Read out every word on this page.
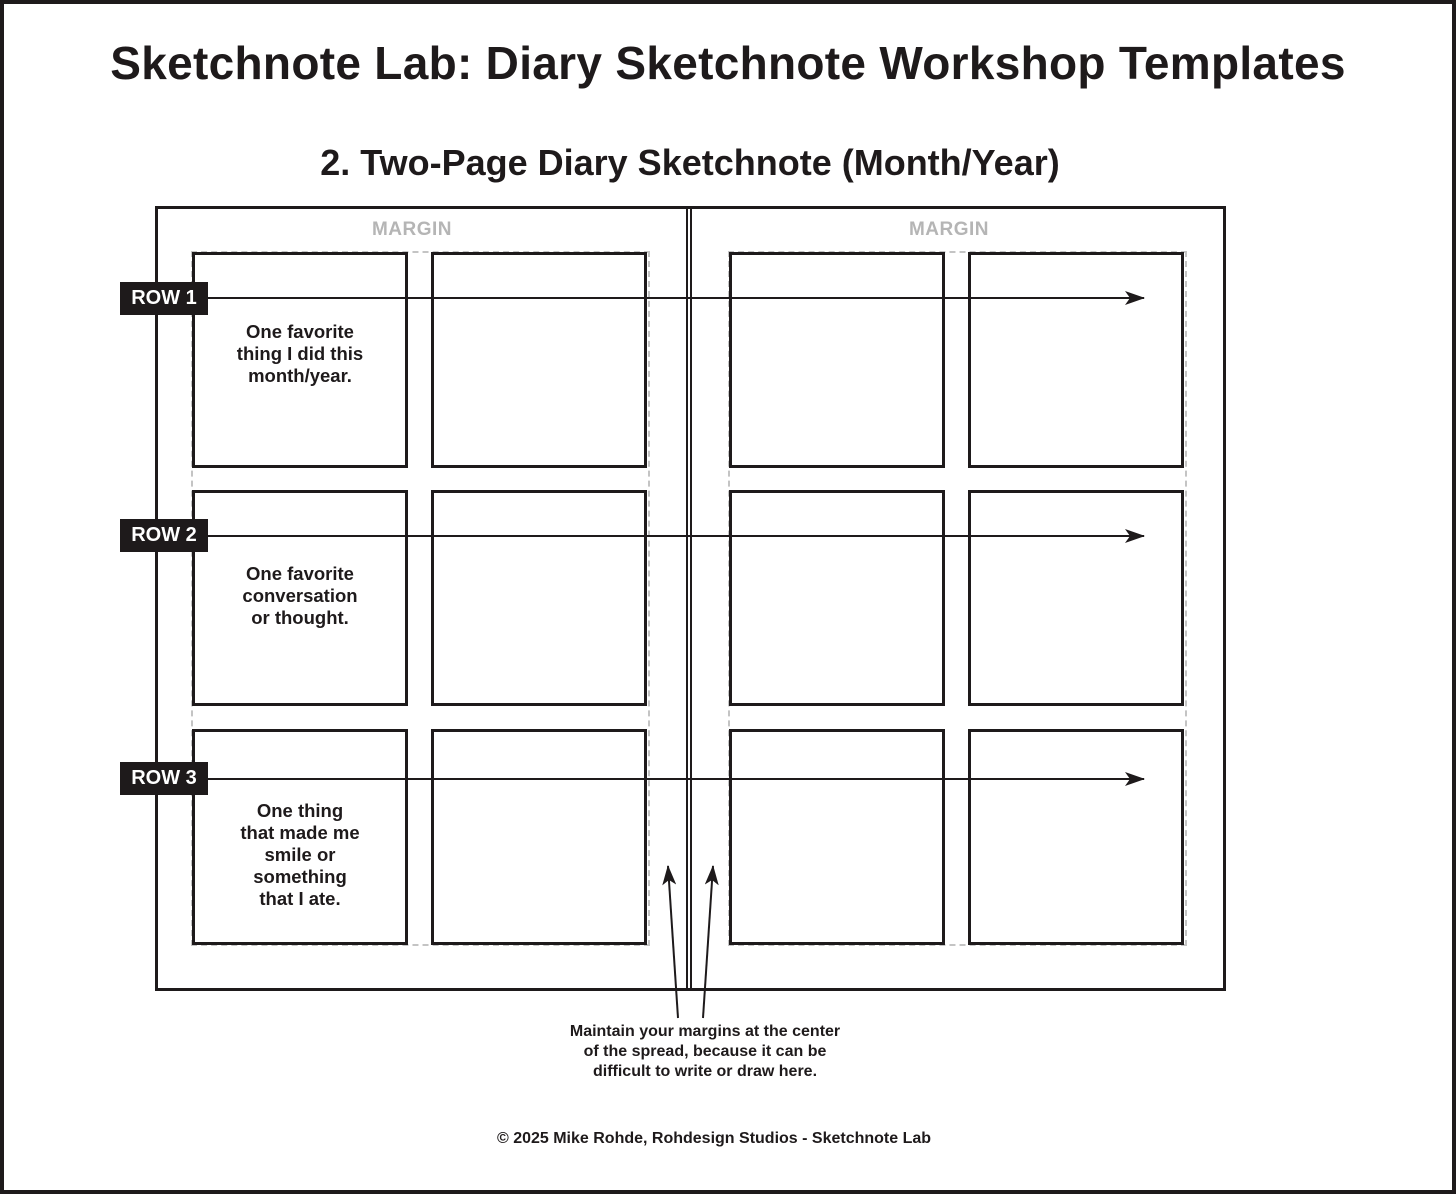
Sketchnote Lab: Diary Sketchnote Workshop Templates
2. Two-Page Diary Sketchnote (Month/Year)
MARGIN	MARGIN
One favorite
thing I did this
month/year.
One favorite
conversation
or thought.
One thing
that made me
smile or
something
that I ate.
ROW 1
ROW 2
ROW 3
Maintain your margins at the center
of the spread, because it can be
difficult to write or draw here.
© 2025 Mike Rohde, Rohdesign Studios - Sketchnote Lab
